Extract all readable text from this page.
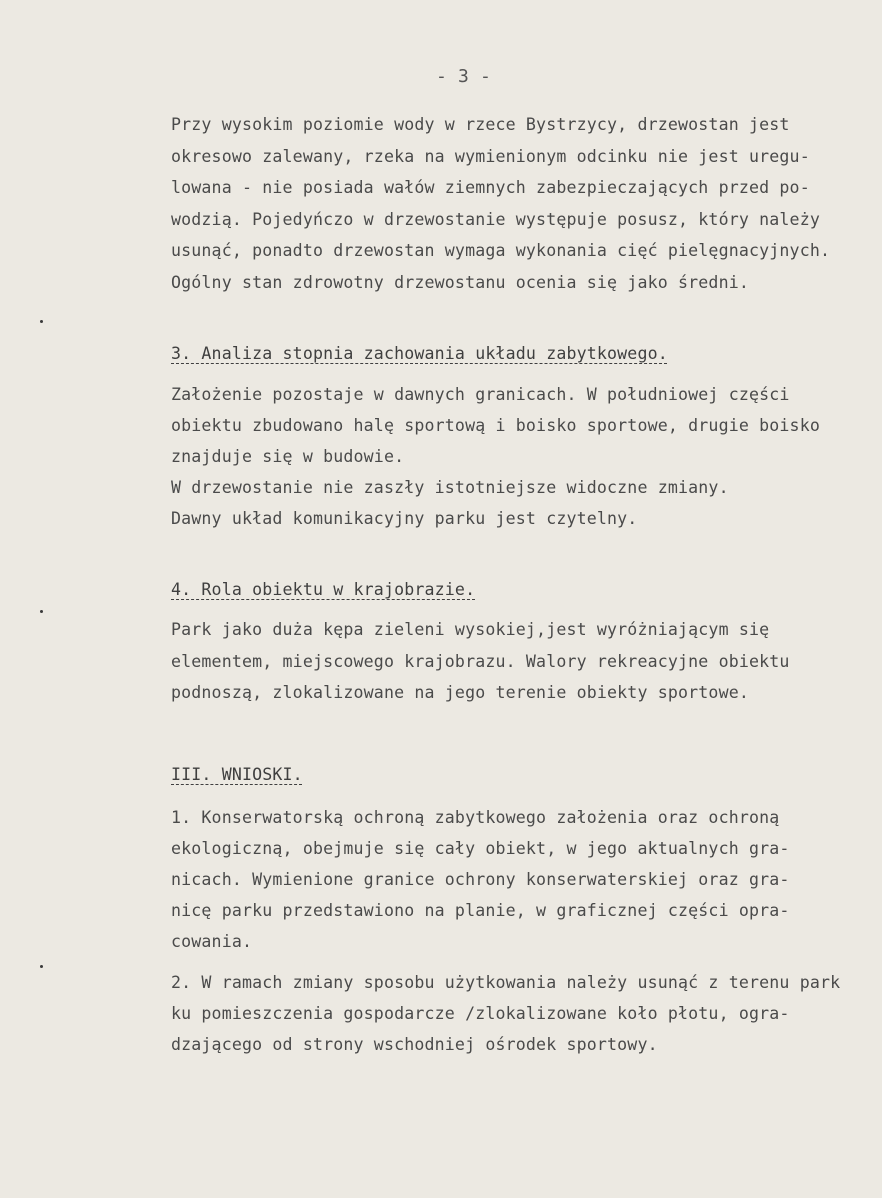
- 3 -
Przy wysokim poziomie wody w rzece Bystrzycy, drzewostan jest
okresowo zalewany, rzeka na wymienionym odcinku nie jest uregu-
lowana - nie posiada wałów ziemnych zabezpieczających przed po-
wodzią. Pojedyńczo w drzewostanie występuje posusz, który należy
usunąć, ponadto drzewostan wymaga wykonania cięć pielęgnacyjnych.
Ogólny stan zdrowotny drzewostanu ocenia się jako średni.
3. Analiza stopnia zachowania układu zabytkowego.
Założenie pozostaje w dawnych granicach. W południowej części
obiektu zbudowano halę sportową i boisko sportowe, drugie boisko
znajduje się w budowie.
W drzewostanie nie zaszły istotniejsze widoczne zmiany.
Dawny układ komunikacyjny parku jest czytelny.
4. Rola obiektu w krajobrazie.
Park jako duża kępa zieleni wysokiej,jest wyróżniającym się
elementem, miejscowego krajobrazu. Walory rekreacyjne obiektu
podnoszą, zlokalizowane na jego terenie obiekty sportowe.
III. WNIOSKI.
1. Konserwatorską ochroną zabytkowego założenia oraz ochroną
ekologiczną, obejmuje się cały obiekt, w jego aktualnych gra-
nicach. Wymienione granice ochrony konserwaterskiej oraz gra-
nicę parku przedstawiono na planie, w graficznej części opra-
cowania.
2. W ramach zmiany sposobu użytkowania należy usunąć z terenu park
ku pomieszczenia gospodarcze /zlokalizowane koło płotu, ogra-
dzającego od strony wschodniej ośrodek sportowy.
